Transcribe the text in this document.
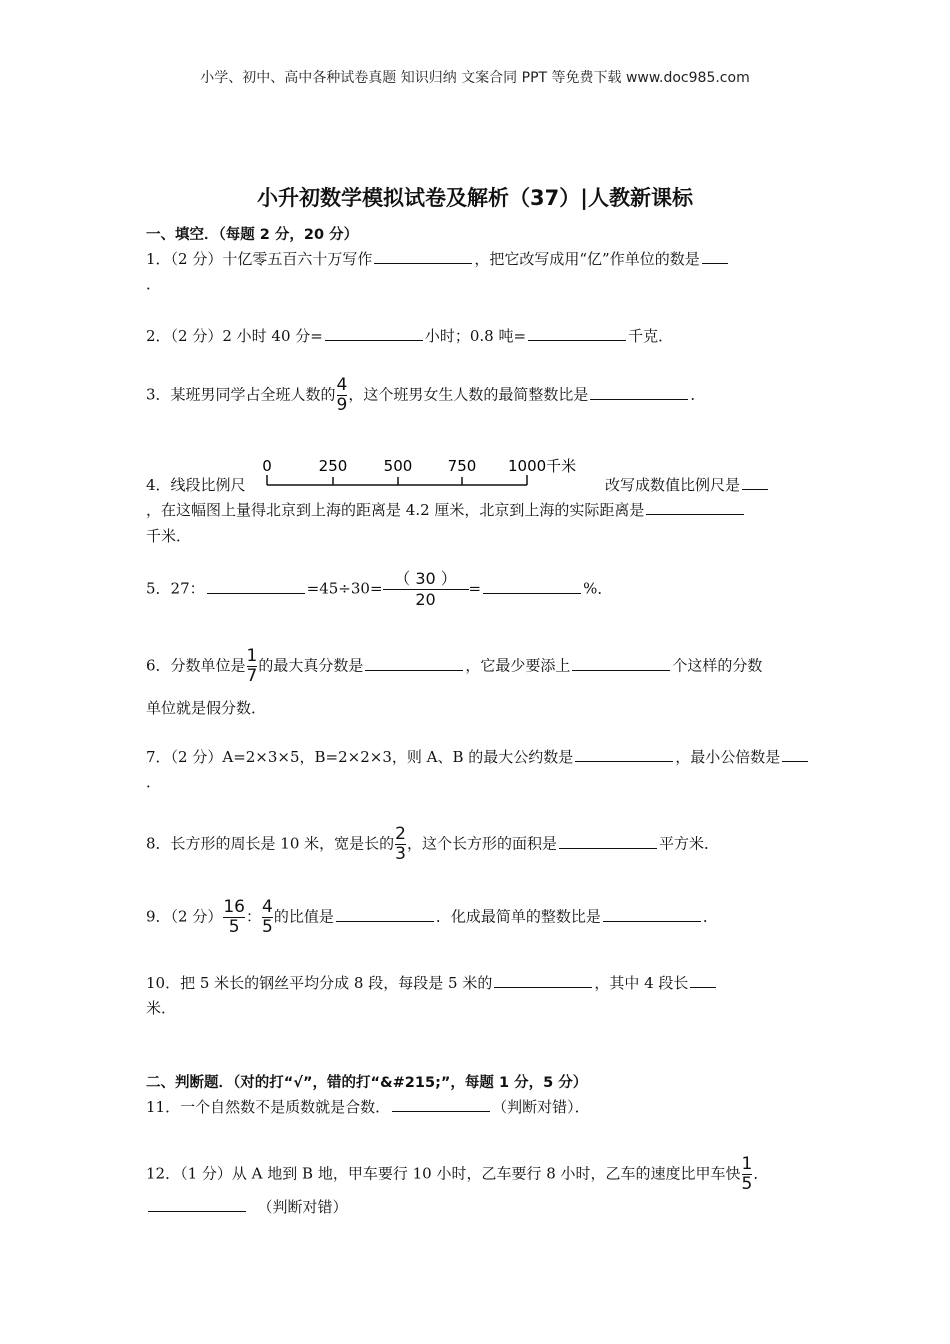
小学、初中、高中各种试卷真题 知识归纳 文案合同 PPT 等免费下载 www.doc985.com
小升初数学模拟试卷及解析（37）|人教新课标
一、填空．（每题 2 分，20 分）
1．（2 分）十亿零五百六十万写作	，把它改写成用“亿”作单位的数是
．
2．（2 分）2 小时 40 分=	小时；0.8 吨=	千克．
3．某班男同学占全班人数的 $\frac{4}{9}$ ，这个班男女生人数的最简整数比是	．
4．线段比例尺
0	250 500 750 1000千米
改写成数值比例尺是
，在这幅图上量得北京到上海的距离是 4.2 厘米，北京到上海的实际距离是
千米．
5．27：	$=45\div 30= \frac{( 30 )}{20}$ =	%．
6．分数单位是 $\frac{1}{7}$ 的最大真分数是	，它最少要添上	个这样的分数
单位就是假分数．
7．（2 分）A=2×3×5，B=2×2×3，则 A、B 的最大公约数是	，最小公倍数是
．
8．长方形的周长是 10 米，宽是长的 $\frac{2}{3}$ ，这个长方形的面积是	平方米．
9．（2 分） $\frac{16}{5}$ ： $\frac{4}{5}$ 的比值是	．化成最简单的整数比是	．
10．把 5 米长的钢丝平均分成 8 段，每段是 5 米的	，其中 4 段长
米．
二、判断题．（对的打“√”，错的打“&#215;”，每题 1 分，5 分）
11．一个自然数不是质数就是合数．	（判断对错）．
12．（1 分）从 A 地到 B 地，甲车要行 10 小时，乙车要行 8 小时，乙车的速度比甲车快 $\frac{1}{5}$ ．
（判断对错）
